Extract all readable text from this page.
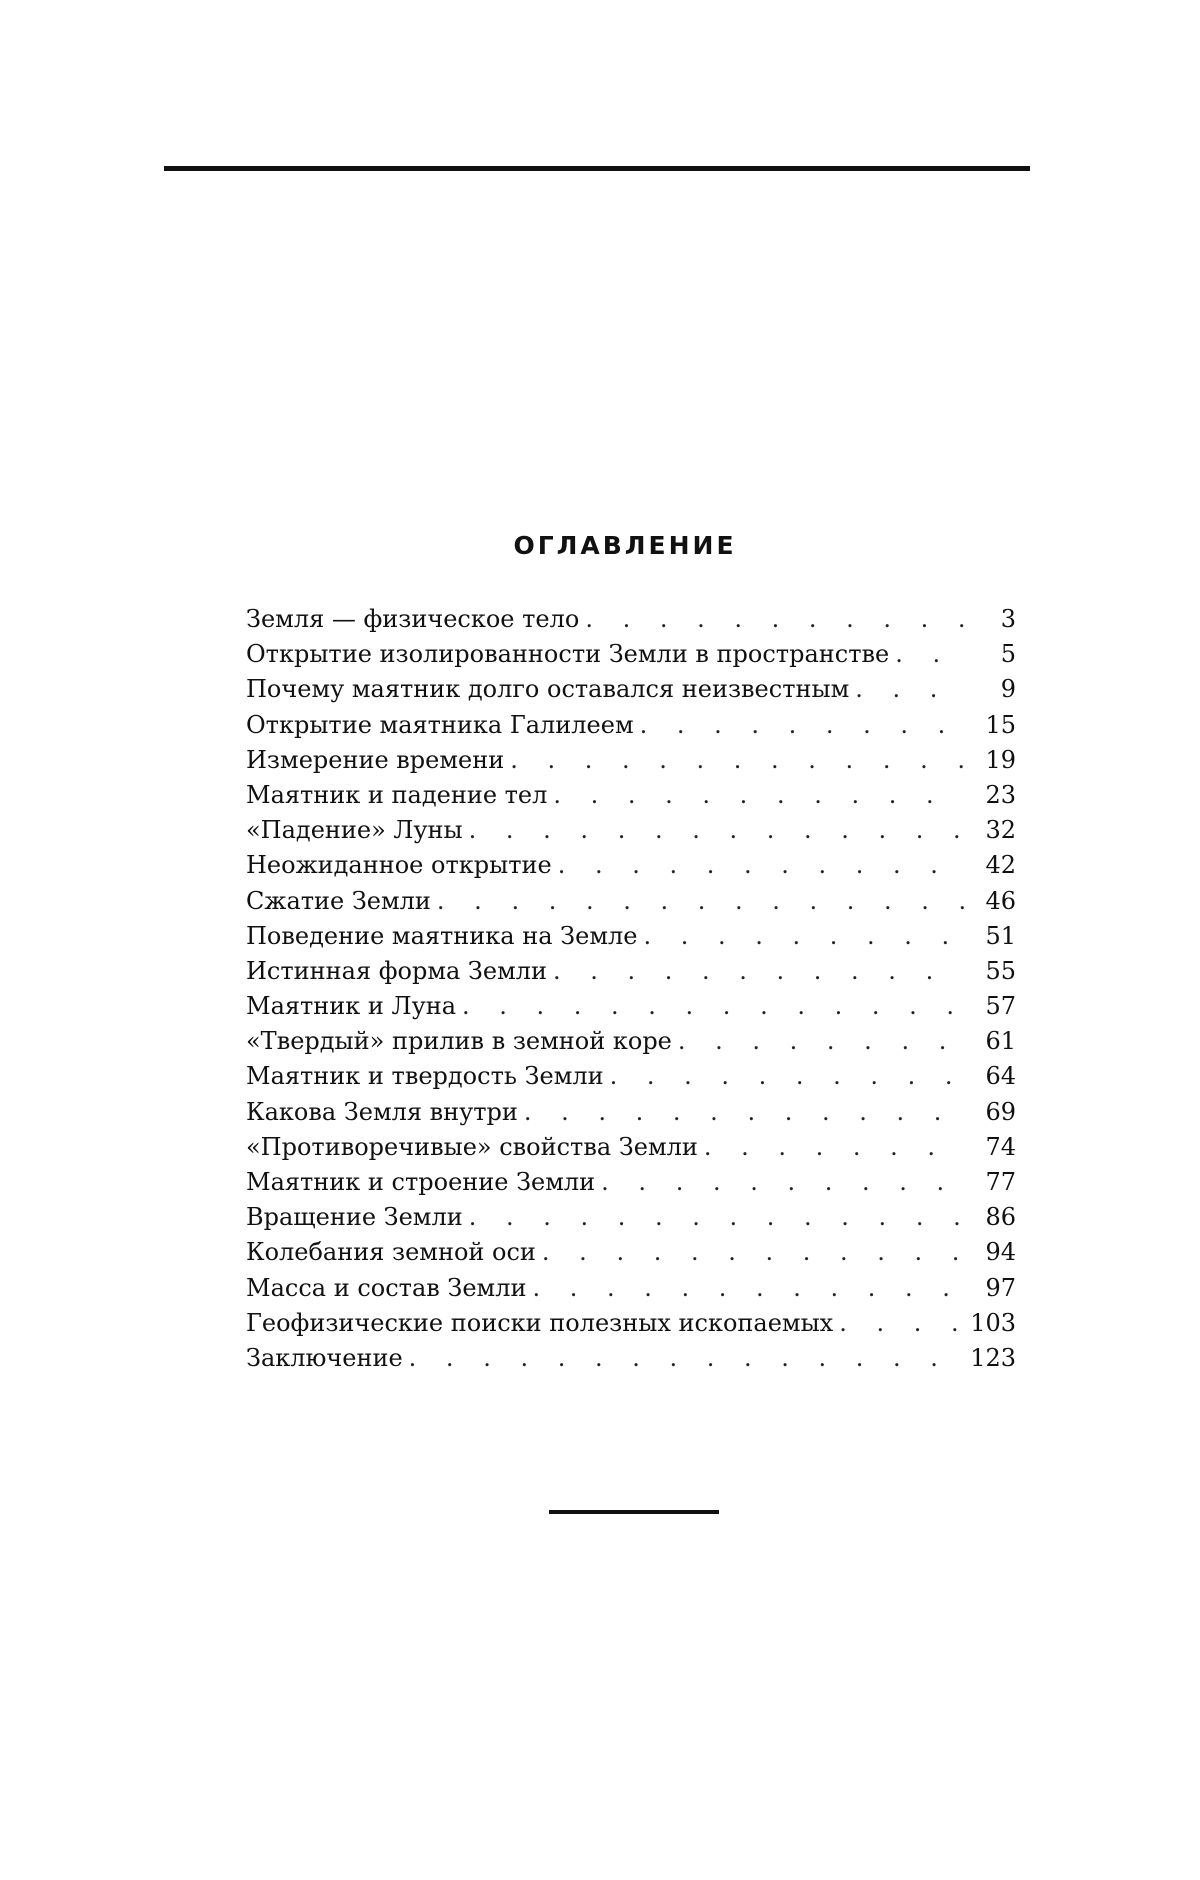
ОГЛАВЛЕНИЕ
Земля — физическое тело . . .	3
Открытие изолированности Земли в пространстве . . .	5
Почему маятник долго оставался неизвестным . . .	9
Открытие маятника Галилеем . . .	15
Измерение времени . . .	19
Маятник и падение тел . . .	23
«Падение» Луны . . .	32
Неожиданное открытие . . .	42
Сжатие Земли . . .	46
Поведение маятника на Земле . . .	51
Истинная форма Земли . . .	55
Маятник и Луна . . .	57
«Твердый» прилив в земной коре . . .	61
Маятник и твердость Земли . . .	64
Какова Земля внутри . . .	69
«Противоречивые» свойства Земли . . .	74
Маятник и строение Земли . . .	77
Вращение Земли . . .	86
Колебания земной оси . . .	94
Масса и состав Земли . . .	97
Геофизические поиски полезных ископаемых . . .	103
Заключение . . .	123
